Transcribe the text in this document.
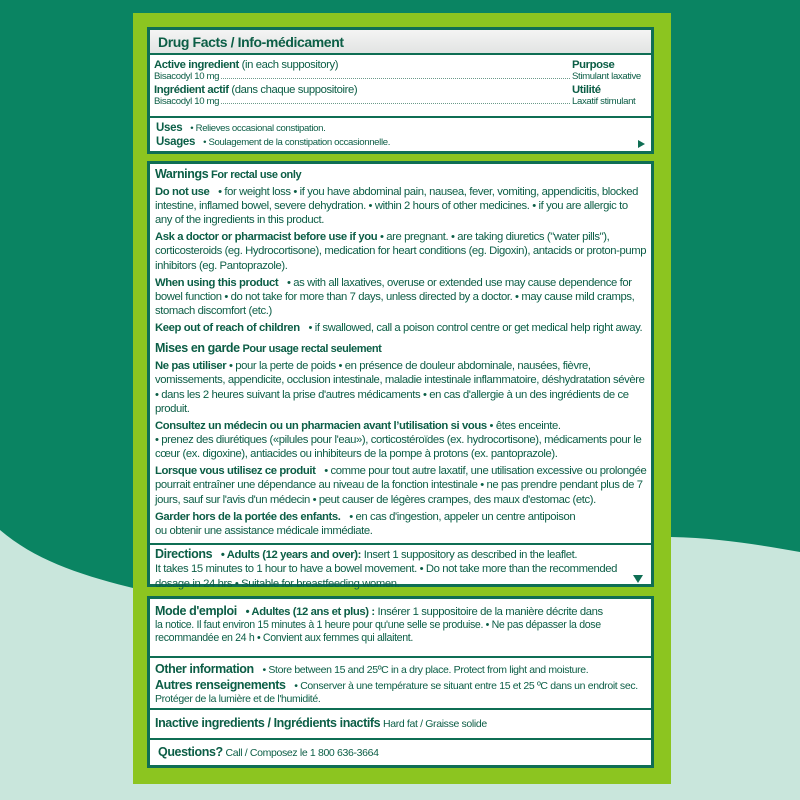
Drug Facts / Info-médicament
Active ingredient (in each suppository)	Purpose
Bisacodyl 10 mg	Stimulant laxative
Ingrédient actif (dans chaque suppositoire)	Utilité
Bisacodyl 10 mg	Laxatif stimulant
Uses • Relieves occasional constipation.
Usages • Soulagement de la constipation occasionnelle.

Warnings For rectal use only

Do not use • for weight loss • if you have abdominal pain, nausea, fever, vomiting, appendicitis, blocked intestine, inflamed bowel, severe dehydration. • within 2 hours of other medicines. • if you are allergic to any of the ingredients in this product.

Ask a doctor or pharmacist before use if you • are pregnant. • are taking diuretics ("water pills"), corticosteroids (eg. Hydrocortisone), medication for heart conditions (eg. Digoxin), antacids or proton-pump inhibitors (eg. Pantoprazole).

When using this product • as with all laxatives, overuse or extended use may cause dependence for bowel function • do not take for more than 7 days, unless directed by a doctor. • may cause mild cramps, stomach discomfort (etc.)

Keep out of reach of children • if swallowed, call a poison control centre or get medical help right away.

Mises en garde Pour usage rectal seulement

Ne pas utiliser • pour la perte de poids • en présence de douleur abdominale, nausées, fièvre, vomissements, appendicite, occlusion intestinale, maladie intestinale inflammatoire, déshydratation sévère • dans les 2 heures suivant la prise d'autres médicaments • en cas d'allergie à un des ingrédients de ce produit.

Consultez un médecin ou un pharmacien avant l’utilisation si vous • êtes enceinte.

• prenez des diurétiques («pilules pour l'eau»), corticostéroïdes (ex. hydrocortisone), médicaments pour le cœur (ex. digoxine), antiacides ou inhibiteurs de la pompe à protons (ex. pantoprazole).

Lorsque vous utilisez ce produit • comme pour tout autre laxatif, une utilisation excessive ou prolongée pourrait entraîner une dépendance au niveau de la fonction intestinale • ne pas prendre pendant plus de 7 jours, sauf sur l'avis d'un médecin • peut causer de légères crampes, des maux d'estomac (etc).

Garder hors de la portée des enfants. • en cas d'ingestion, appeler un centre antipoison

ou obtenir une assistance médicale immédiate.

Directions • Adults (12 years and over): Insert 1 suppository as described in the leaflet.

It takes 15 minutes to 1 hour to have a bowel movement. • Do not take more than the recommended dosage in 24 hrs • Suitable for breastfeeding women.

Mode d'emploi • Adultes (12 ans et plus) : Insérer 1 suppositoire de la manière décrite dans

la notice. Il faut environ 15 minutes à 1 heure pour qu'une selle se produise. • Ne pas dépasser la dose

recommandée en 24 h • Convient aux femmes qui allaitent.

Other information • Store between 15 and 25ºC in a dry place. Protect from light and moisture.

Autres renseignements • Conserver à une température se situant entre 15 et 25 ºC dans un endroit sec.

Protéger de la lumière et de l'humidité.

Inactive ingredients / Ingrédients inactifs Hard fat / Graisse solide

Questions? Call / Composez le 1 800 636-3664
